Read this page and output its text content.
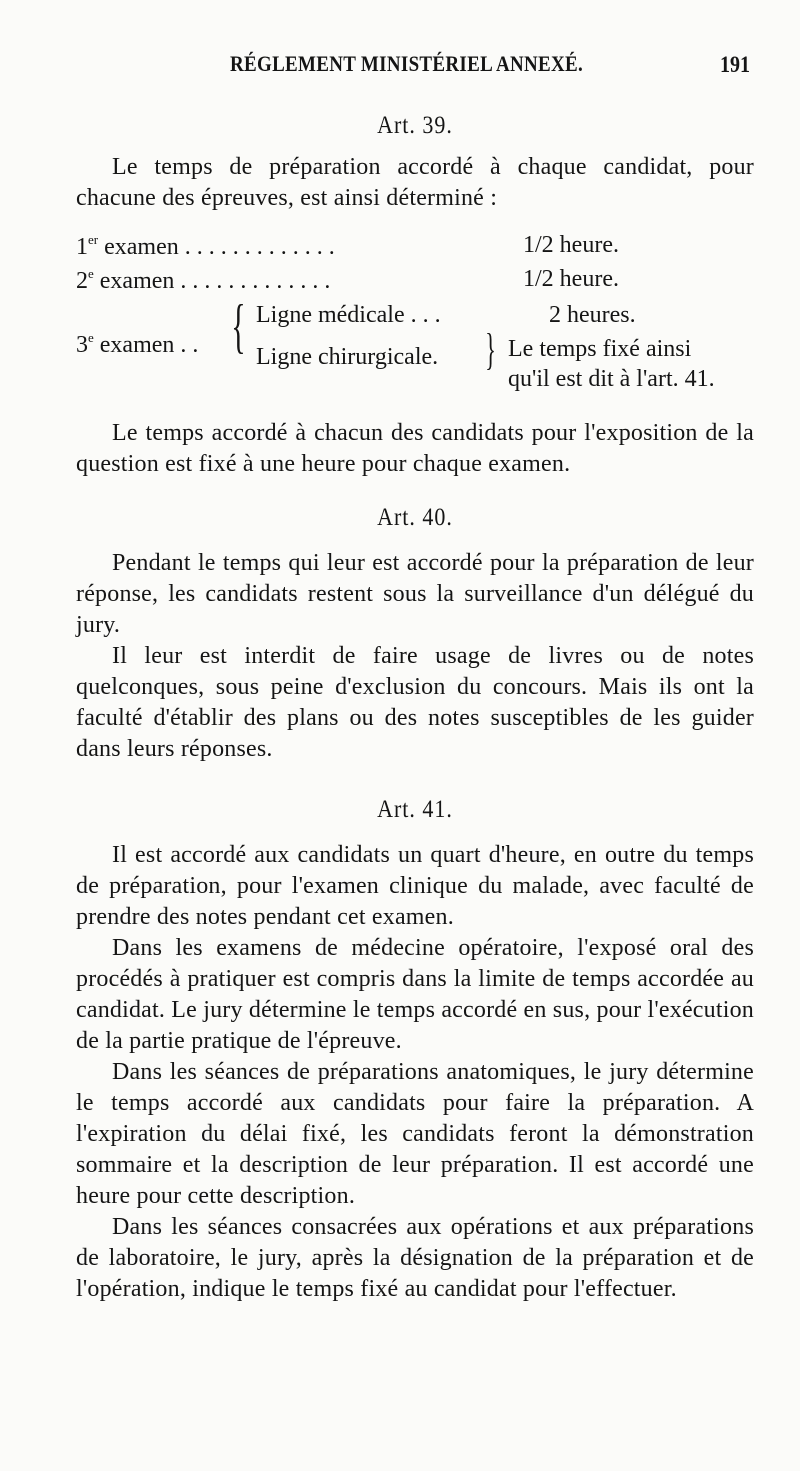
RÉGLEMENT MINISTÉRIEL ANNEXÉ.	191
Art. 39.

Le temps de préparation accordé à chaque candidat, pour chacune des épreuves, est ainsi déterminé :

1er examen . . . . . . . . . . . . .	1/2 heure.
2e examen . . . . . . . . . . . . .	1/2 heure.
3e examen . . { Ligne médicale . . .	2 heures.
Ligne chirurgicale. } Le temps fixé ainsi
qu'il est dit à l'art. 41.

Le temps accordé à chacun des candidats pour l'exposition de la question est fixé à une heure pour chaque examen.

Art. 40.

Pendant le temps qui leur est accordé pour la préparation de leur réponse, les candidats restent sous la surveillance d'un délégué du jury.

Il leur est interdit de faire usage de livres ou de notes quelconques, sous peine d'exclusion du concours. Mais ils ont la faculté d'établir des plans ou des notes susceptibles de les guider dans leurs réponses.

Art. 41.

Il est accordé aux candidats un quart d'heure, en outre du temps de préparation, pour l'examen clinique du malade, avec faculté de prendre des notes pendant cet examen.

Dans les examens de médecine opératoire, l'exposé oral des procédés à pratiquer est compris dans la limite de temps accordée au candidat. Le jury détermine le temps accordé en sus, pour l'exécution de la partie pratique de l'épreuve.

Dans les séances de préparations anatomiques, le jury détermine le temps accordé aux candidats pour faire la préparation. A l'expiration du délai fixé, les candidats feront la démonstration sommaire et la description de leur préparation. Il est accordé une heure pour cette description.

Dans les séances consacrées aux opérations et aux préparations de laboratoire, le jury, après la désignation de la préparation et de l'opération, indique le temps fixé au candidat pour l'effectuer.
